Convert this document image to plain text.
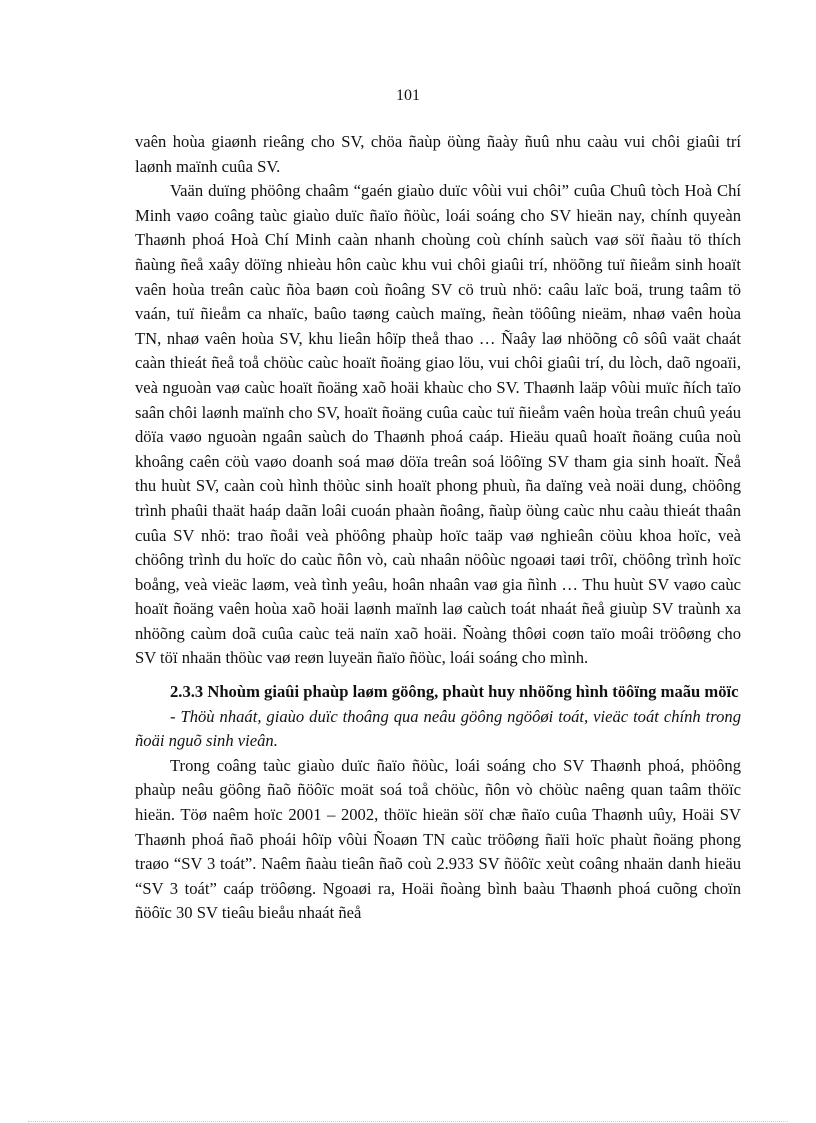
101

vaên hoùa giaønh rieâng cho SV, chöa ñaùp öùng ñaày ñuû nhu caàu vui chôi giaûi trí laønh maïnh cuûa SV.

Vaän duïng phöông chaâm “gaén giaùo duïc vôùi vui chôi” cuûa Chuû tòch Hoà Chí Minh vaøo coâng taùc giaùo duïc ñaïo ñöùc, loái soáng cho SV hieän nay, chính quyeàn Thaønh phoá Hoà Chí Minh caàn nhanh choùng coù chính saùch vaø söï ñaàu tö thích ñaùng ñeå xaây döïng nhieàu hôn caùc khu vui chôi giaûi trí, nhöõng tuï ñieåm sinh hoaït vaên hoùa treân caùc ñòa baøn coù ñoâng SV cö truù nhö: caâu laïc boä, trung taâm tö vaán, tuï ñieåm ca nhaïc, baûo taøng caùch maïng, ñeàn töôûng nieäm, nhaø vaên hoùa TN, nhaø vaên hoùa SV, khu lieân hôïp theå thao … Ñaây laø nhöõng cô sôû vaät chaát caàn thieát ñeå toå chöùc caùc hoaït ñoäng giao löu, vui chôi giaûi trí, du lòch, daõ ngoaïi, veà nguoàn vaø caùc hoaït ñoäng xaõ hoäi khaùc cho SV. Thaønh laäp vôùi muïc ñích taïo saân chôi laønh maïnh cho SV, hoaït ñoäng cuûa caùc tuï ñieåm vaên hoùa treân chuû yeáu döïa vaøo nguoàn ngaân saùch do Thaønh phoá caáp. Hieäu quaû hoaït ñoäng cuûa noù khoâng caên cöù vaøo doanh soá maø döïa treân soá löôïng SV tham gia sinh hoaït. Ñeå thu huùt SV, caàn coù hình thöùc sinh hoaït phong phuù, ña daïng veà noäi dung, chöông trình phaûi thaät haáp daãn loâi cuoán phaàn ñoâng, ñaùp öùng caùc nhu caàu thieát thaân cuûa SV nhö: trao ñoåi veà phöông phaùp hoïc taäp vaø nghieân cöùu khoa hoïc, veà chöông trình du hoïc do caùc ñôn vò, caù nhaân nöôùc ngoaøi taøi trôï, chöông trình hoïc boång, veà vieäc laøm, veà tình yeâu, hoân nhaân vaø gia ñình … Thu huùt SV vaøo caùc hoaït ñoäng vaên hoùa xaõ hoäi laønh maïnh laø caùch toát nhaát ñeå giuùp SV traùnh xa nhöõng caùm doã cuûa caùc teä naïn xaõ hoäi. Ñoàng thôøi coøn taïo moâi tröôøng cho SV töï nhaän thöùc vaø reøn luyeän ñaïo ñöùc, loái soáng cho mình.

2.3.3 Nhoùm giaûi phaùp laøm göông, phaùt huy nhöõng hình töôïng maãu möïc

- Thöù nhaát, giaùo duïc thoâng qua neâu göông ngöôøi toát, vieäc toát chính trong ñoäi nguõ sinh vieân.

Trong coâng taùc giaùo duïc ñaïo ñöùc, loái soáng cho SV Thaønh phoá, phöông phaùp neâu göông ñaõ ñöôïc moät soá toå chöùc, ñôn vò chöùc naêng quan taâm thöïc hieän. Töø naêm hoïc 2001 – 2002, thöïc hieän söï chæ ñaïo cuûa Thaønh uûy, Hoäi SV Thaønh phoá ñaõ phoái hôïp vôùi Ñoaøn TN caùc tröôøng ñaïi hoïc phaùt ñoäng phong traøo “SV 3 toát”. Naêm ñaàu tieân ñaõ coù 2.933 SV ñöôïc xeùt coâng nhaän danh hieäu “SV 3 toát” caáp tröôøng. Ngoaøi ra, Hoäi ñoàng bình baàu Thaønh phoá cuõng choïn ñöôïc 30 SV tieâu bieåu nhaát ñeå
